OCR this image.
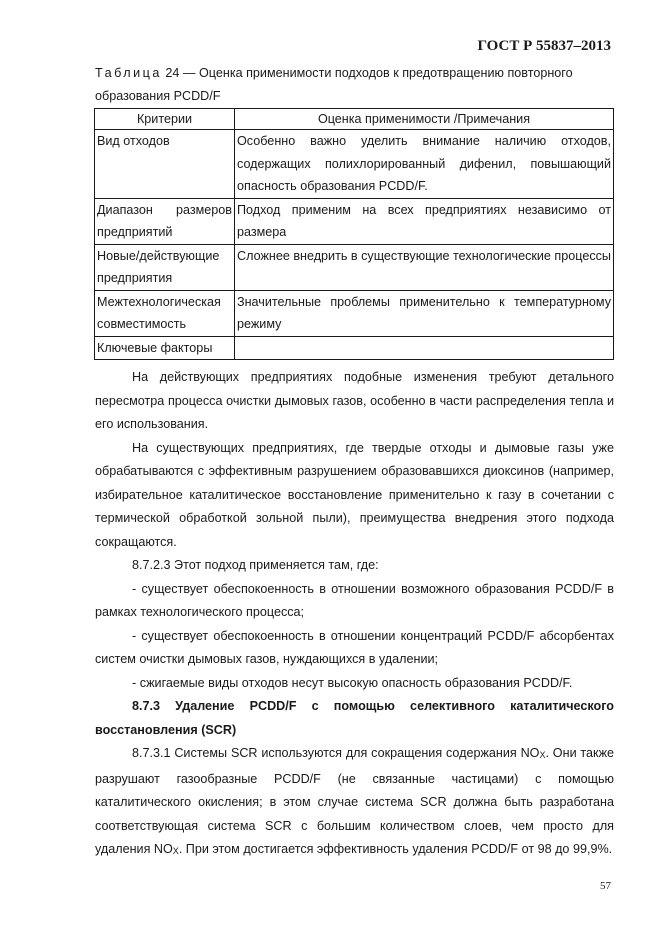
ГОСТ Р 55837–2013
Таблица 24 — Оценка применимости подходов к предотвращению повторного образования PCDD/F
Критерии	Оценка применимости /Примечания
Вид отходов	Особенно важно уделить внимание наличию отходов, содержащих полихлорированный дифенил, повышающий опасность образования PCDD/F.
Диапазон размеров предприятий	Подход применим на всех предприятиях независимо от размера
Новые/действующие предприятия	Сложнее внедрить в существующие технологические процессы
Межтехнологическая совместимость	Значительные проблемы применительно к температурному режиму
Ключевые факторы	

На действующих предприятиях подобные изменения требуют детального пересмотра процесса очистки дымовых газов, особенно в части распределения тепла и его использования.

На существующих предприятиях, где твердые отходы и дымовые газы уже обрабатываются с эффективным разрушением образовавшихся диоксинов (например, избирательное каталитическое восстановление применительно к газу в сочетании с термической обработкой зольной пыли), преимущества внедрения этого подхода сокращаются.

8.7.2.3 Этот подход применяется там, где:

- существует обеспокоенность в отношении возможного образования PCDD/F в рамках технологического процесса;

- существует обеспокоенность в отношении концентраций PCDD/F абсорбентах систем очистки дымовых газов, нуждающихся в удалении;

- сжигаемые виды отходов несут высокую опасность образования PCDD/F.

8.7.3 Удаление PCDD/F с помощью селективного каталитического восстановления (SCR)

8.7.3.1 Системы SCR используются для сокращения содержания $NO_X$. Они также разрушают газообразные PCDD/F (не связанные частицами) с помощью каталитического окисления; в этом случае система SCR должна быть разработана соответствующая система SCR с большим количеством слоев, чем просто для удаления $NO_X$. При этом достигается эффективность удаления PCDD/F от 98 до 99,9%.

57
